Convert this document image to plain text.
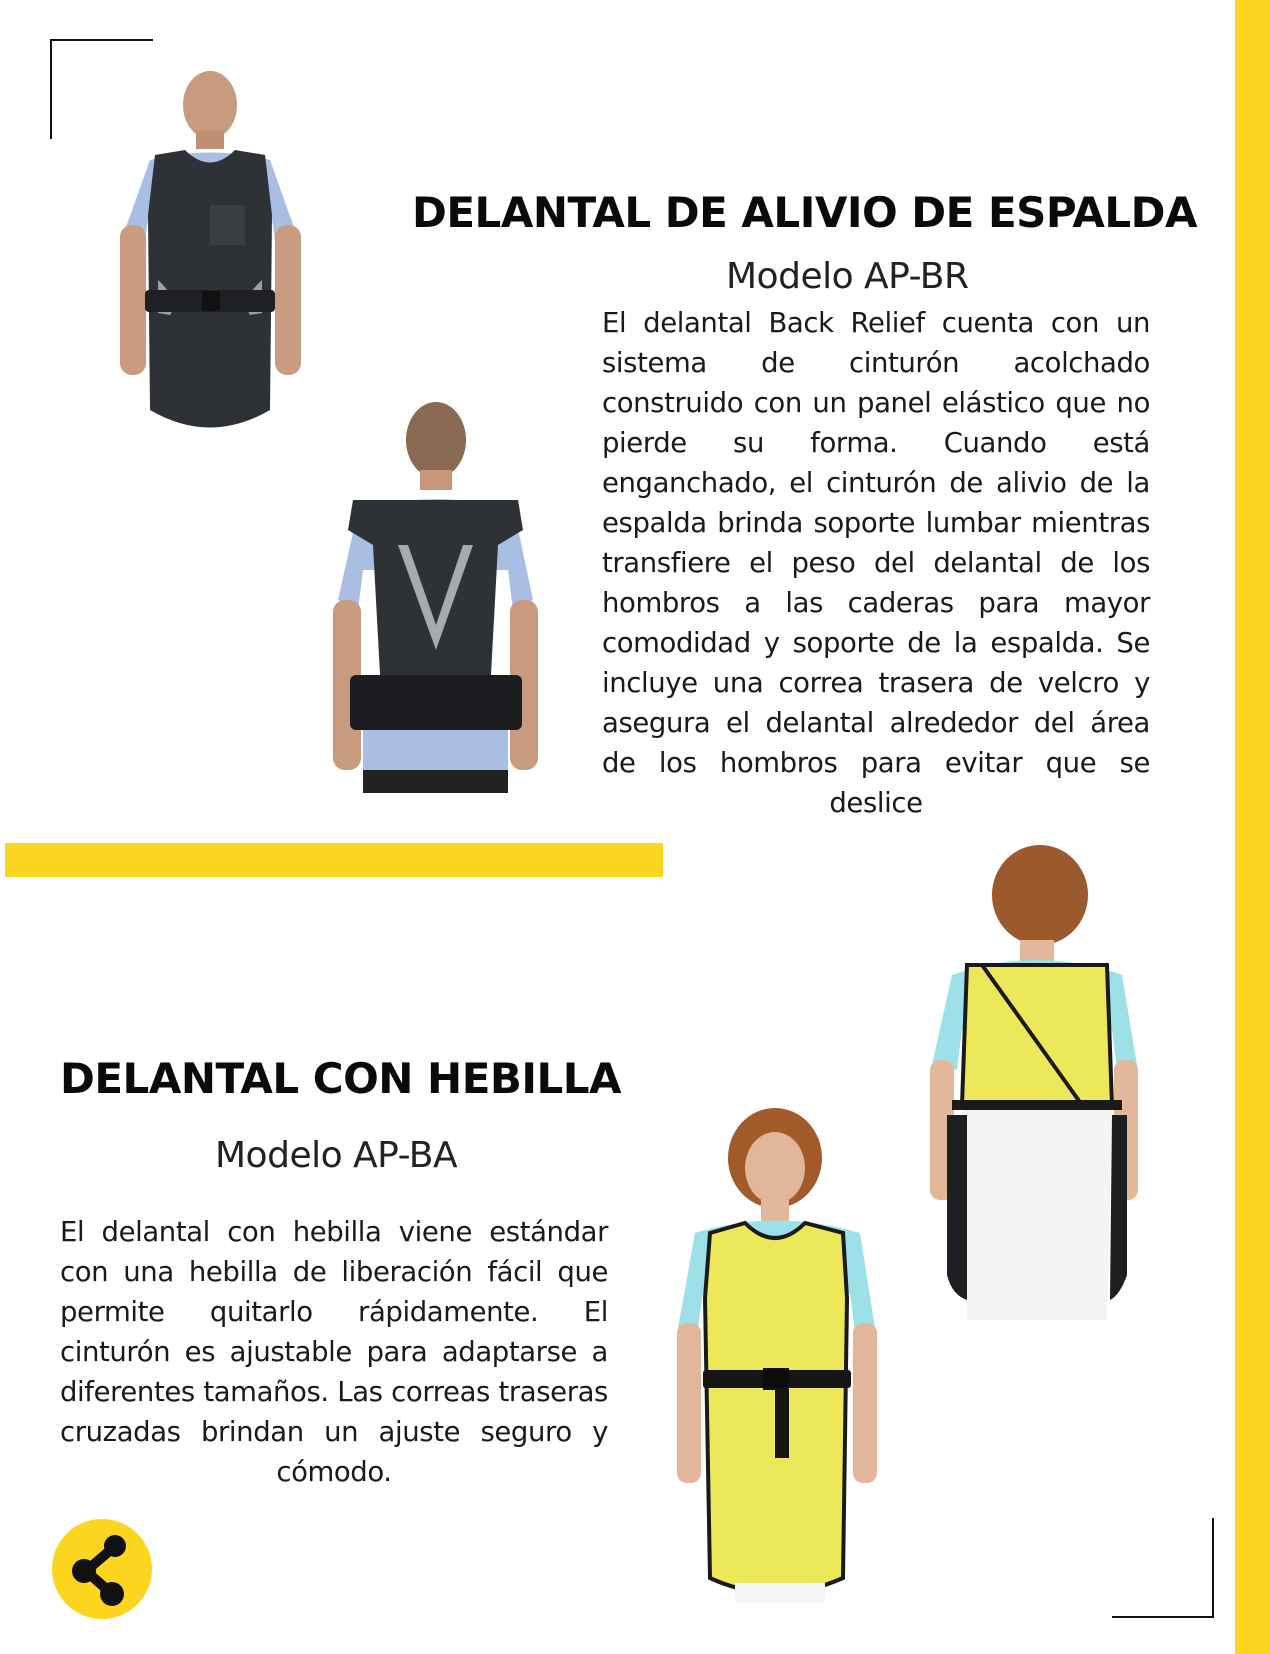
DELANTAL DE ALIVIO DE ESPALDA
Modelo AP-BR
El delantal Back Relief cuenta con un sistema de cinturón acolchado construido con un panel elástico que no pierde su forma. Cuando está enganchado, el cinturón de alivio de la espalda brinda soporte lumbar mientras transfiere el peso del delantal de los hombros a las caderas para mayor comodidad y soporte de la espalda. Se incluye una correa trasera de velcro y asegura el delantal alrededor del área de los hombros para evitar que se deslice
DELANTAL CON HEBILLA
Modelo AP-BA
El delantal con hebilla viene estándar con una hebilla de liberación fácil que permite quitarlo rápidamente. El cinturón es ajustable para adaptarse a diferentes tamaños. Las correas traseras cruzadas brindan un ajuste seguro y cómodo.
